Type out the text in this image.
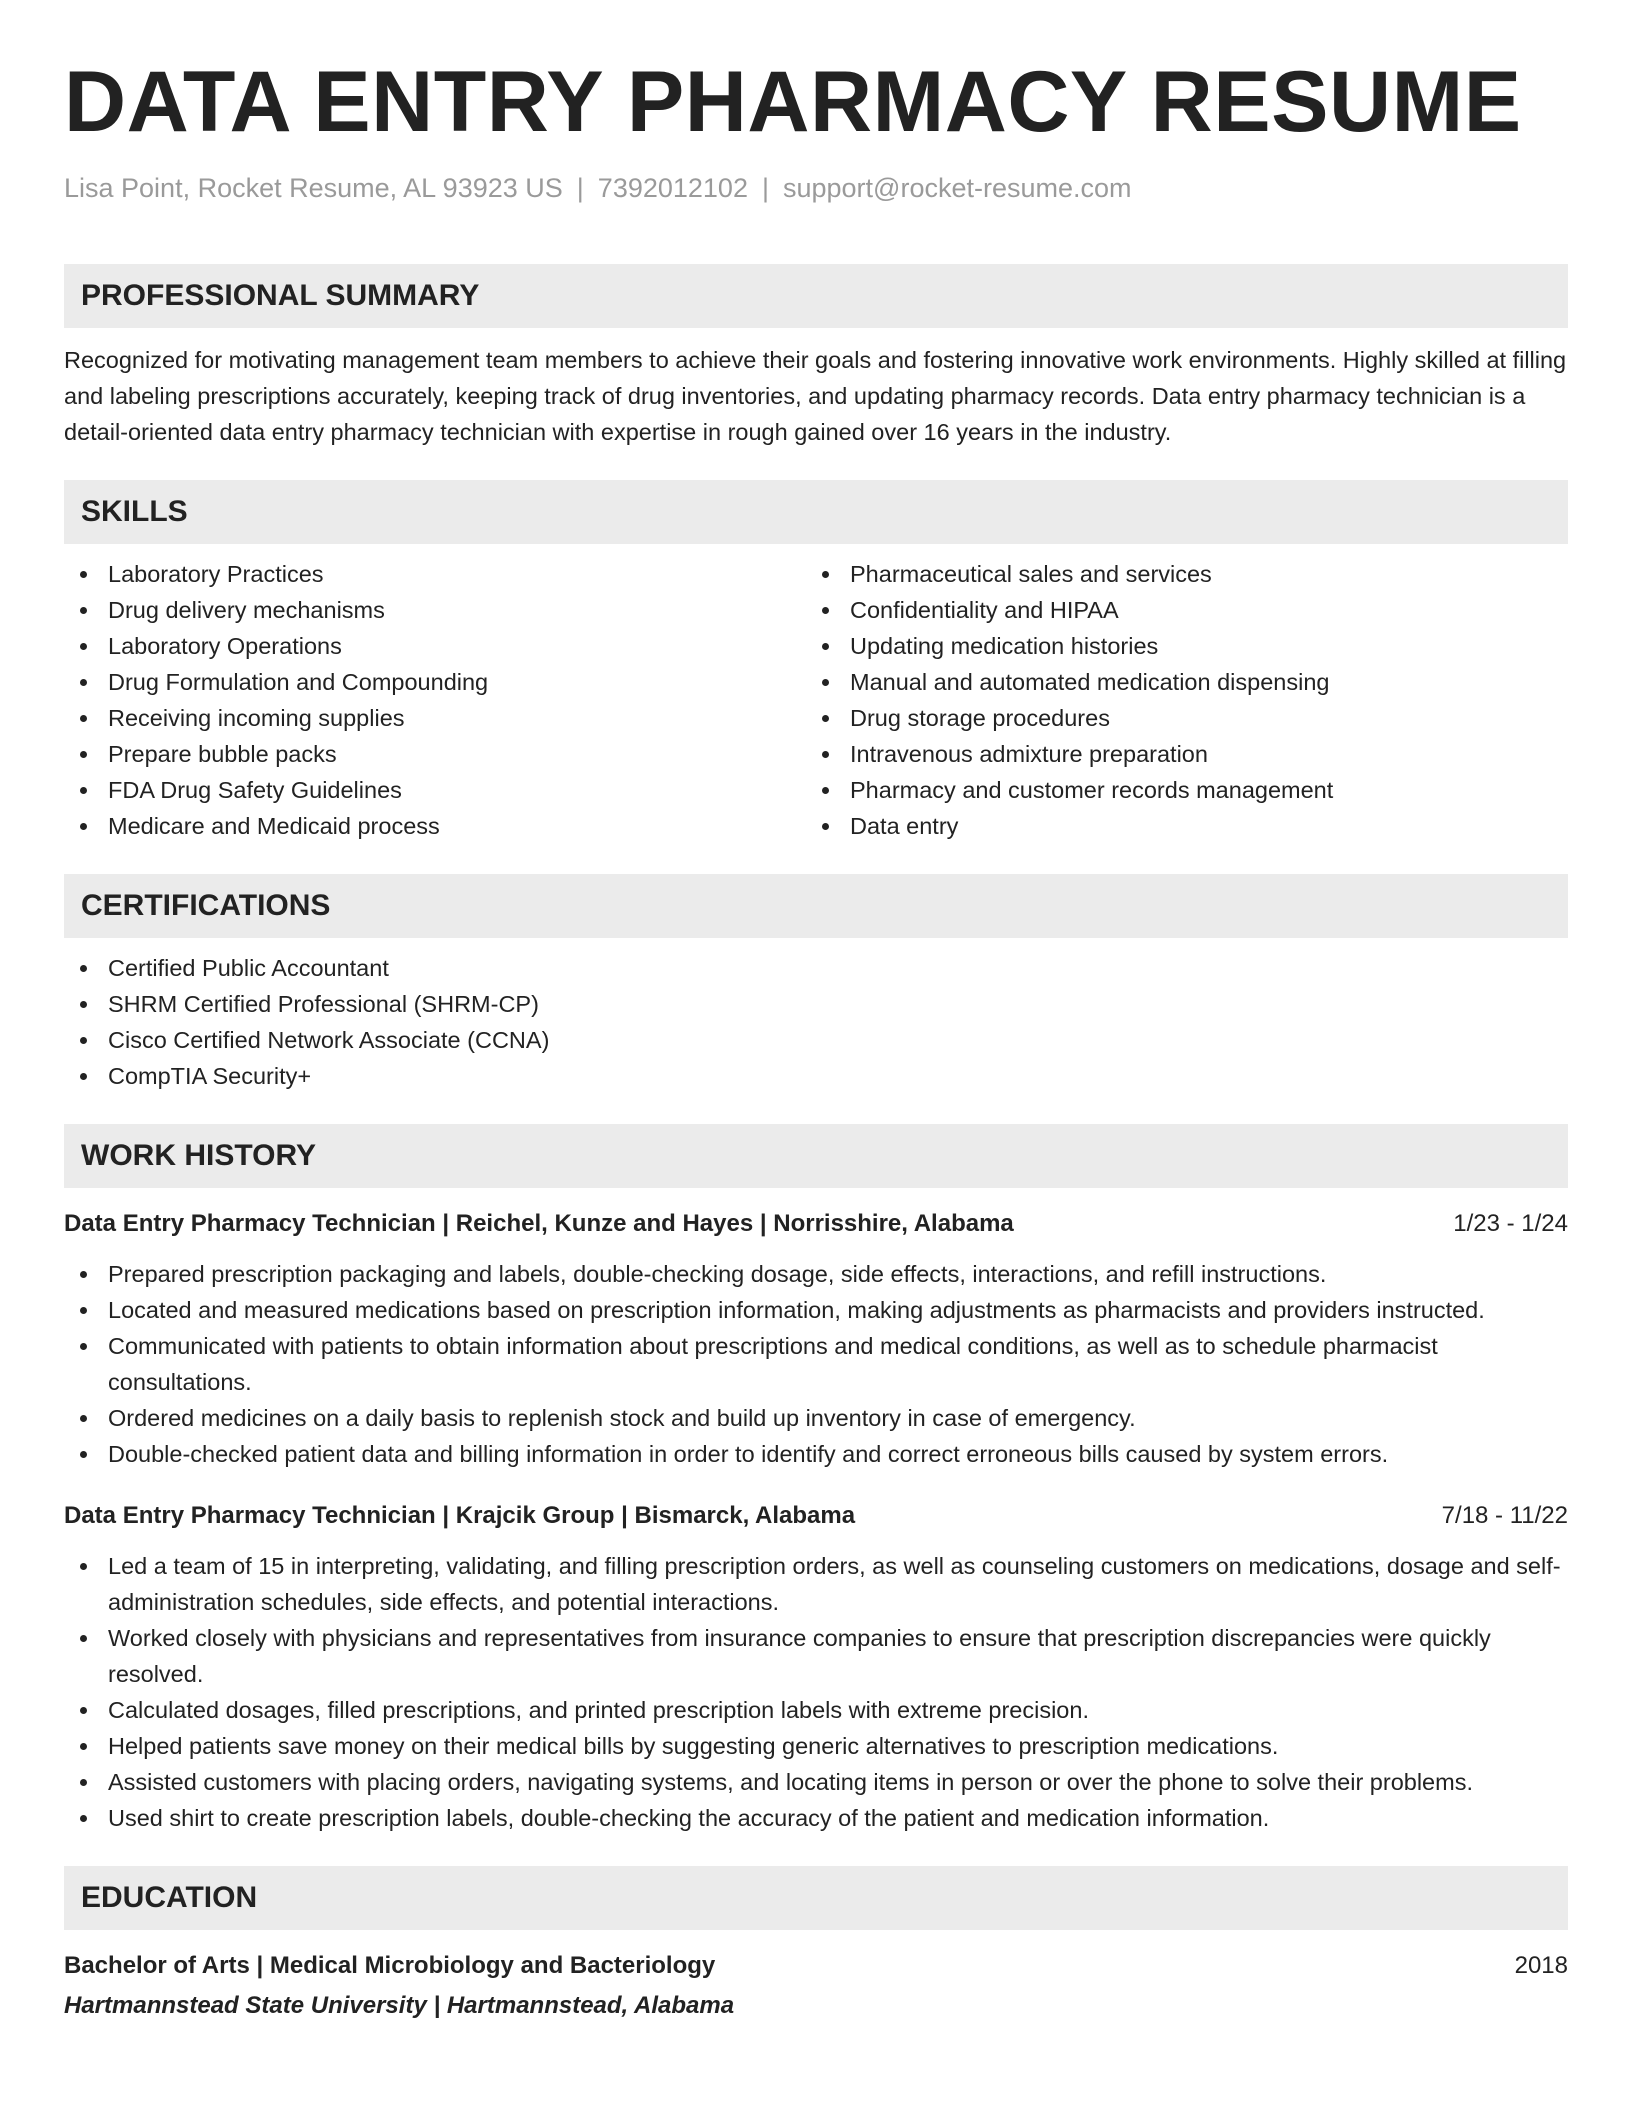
DATA ENTRY PHARMACY RESUME
Lisa Point, Rocket Resume, AL 93923 US | 7392012102 | support@rocket-resume.com
PROFESSIONAL SUMMARY

Recognized for motivating management team members to achieve their goals and fostering innovative work environments. Highly skilled at filling and labeling prescriptions accurately, keeping track of drug inventories, and updating pharmacy records. Data entry pharmacy technician is a detail-oriented data entry pharmacy technician with expertise in rough gained over 16 years in the industry.

SKILLS
Laboratory Practices
Drug delivery mechanisms
Laboratory Operations
Drug Formulation and Compounding
Receiving incoming supplies
Prepare bubble packs
FDA Drug Safety Guidelines
Medicare and Medicaid process
Pharmaceutical sales and services
Confidentiality and HIPAA
Updating medication histories
Manual and automated medication dispensing
Drug storage procedures
Intravenous admixture preparation
Pharmacy and customer records management
Data entry
CERTIFICATIONS
Certified Public Accountant
SHRM Certified Professional (SHRM-CP)
Cisco Certified Network Associate (CCNA)
CompTIA Security+
WORK HISTORY
Data Entry Pharmacy Technician | Reichel, Kunze and Hayes | Norrisshire, Alabama	1/23 - 1/24
Prepared prescription packaging and labels, double-checking dosage, side effects, interactions, and refill instructions.
Located and measured medications based on prescription information, making adjustments as pharmacists and providers instructed.
Communicated with patients to obtain information about prescriptions and medical conditions, as well as to schedule pharmacist consultations.
Ordered medicines on a daily basis to replenish stock and build up inventory in case of emergency.
Double-checked patient data and billing information in order to identify and correct erroneous bills caused by system errors.
Data Entry Pharmacy Technician | Krajcik Group | Bismarck, Alabama	7/18 - 11/22
Led a team of 15 in interpreting, validating, and filling prescription orders, as well as counseling customers on medications, dosage and self-administration schedules, side effects, and potential interactions.
Worked closely with physicians and representatives from insurance companies to ensure that prescription discrepancies were quickly resolved.
Calculated dosages, filled prescriptions, and printed prescription labels with extreme precision.
Helped patients save money on their medical bills by suggesting generic alternatives to prescription medications.
Assisted customers with placing orders, navigating systems, and locating items in person or over the phone to solve their problems.
Used shirt to create prescription labels, double-checking the accuracy of the patient and medication information.
EDUCATION
Bachelor of Arts | Medical Microbiology and Bacteriology	2018
Hartmannstead State University | Hartmannstead, Alabama
